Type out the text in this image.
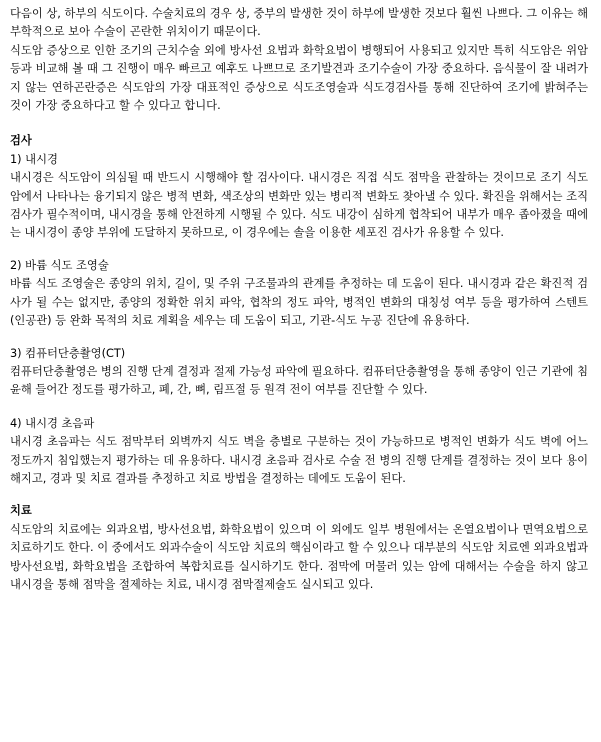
다음이 상, 하부의 식도이다. 수술치료의 경우 상, 중부의 발생한 것이 하부에 발생한 것보다 훨씬 나쁘다. 그 이유는 해부학적으로 보아 수술이 곤란한 위치이기 때문이다.

식도암 증상으로 인한 조기의 근치수술 외에 방사선 요법과 화학요법이 병행되어 사용되고 있지만 특히 식도암은 위암 등과 비교해 볼 때 그 진행이 매우 빠르고 예후도 나쁘므로 조기발견과 조기수술이 가장 중요하다. 음식물이 잘 내려가지 않는 연하곤란증은 식도암의 가장 대표적인 증상으로 식도조영술과 식도경검사를 통해 진단하여 조기에 밝혀주는 것이 가장 중요하다고 할 수 있다고 합니다.

검사
1) 내시경

내시경은 식도암이 의심될 때 반드시 시행해야 할 검사이다. 내시경은 직접 식도 점막을 관찰하는 것이므로 조기 식도암에서 나타나는 융기되지 않은 병적 변화, 색조상의 변화만 있는 병리적 변화도 찾아낼 수 있다. 확진을 위해서는 조직검사가 필수적이며, 내시경을 통해 안전하게 시행될 수 있다. 식도 내강이 심하게 협착되어 내부가 매우 좁아졌을 때에는 내시경이 종양 부위에 도달하지 못하므로, 이 경우에는 솔을 이용한 세포진 검사가 유용할 수 있다.

2) 바륨 식도 조영술

바륨 식도 조영술은 종양의 위치, 길이, 및 주위 구조물과의 관계를 추정하는 데 도움이 된다. 내시경과 같은 확진적 검사가 될 수는 없지만, 종양의 정확한 위치 파악, 협착의 정도 파악, 병적인 변화의 대칭성 여부 등을 평가하여 스텐트(인공관) 등 완화 목적의 치료 계획을 세우는 데 도움이 되고, 기관-식도 누공 진단에 유용하다.

3) 컴퓨터단층촬영(CT)

컴퓨터단층촬영은 병의 진행 단계 결정과 절제 가능성 파악에 필요하다. 컴퓨터단층촬영을 통해 종양이 인근 기관에 침윤해 들어간 정도를 평가하고, 폐, 간, 뼈, 림프절 등 원격 전이 여부를 진단할 수 있다.

4) 내시경 초음파

내시경 초음파는 식도 점막부터 외벽까지 식도 벽을 층별로 구분하는 것이 가능하므로 병적인 변화가 식도 벽에 어느 정도까지 침입했는지 평가하는 데 유용하다. 내시경 초음파 검사로 수술 전 병의 진행 단계를 결정하는 것이 보다 용이해지고, 경과 및 치료 결과를 추정하고 치료 방법을 결정하는 데에도 도움이 된다.

치료

식도암의 치료에는 외과요법, 방사선요법, 화학요법이 있으며 이 외에도 일부 병원에서는 온열요법이나 면역요법으로 치료하기도 한다. 이 중에서도 외과수술이 식도암 치료의 핵심이라고 할 수 있으나 대부분의 식도암 치료엔 외과요법과 방사선요법, 화학요법을 조합하여 복합치료를 실시하기도 한다. 점막에 머물러 있는 암에 대해서는 수술을 하지 않고 내시경을 통해 점막을 절제하는 치료, 내시경 점막절제술도 실시되고 있다.
